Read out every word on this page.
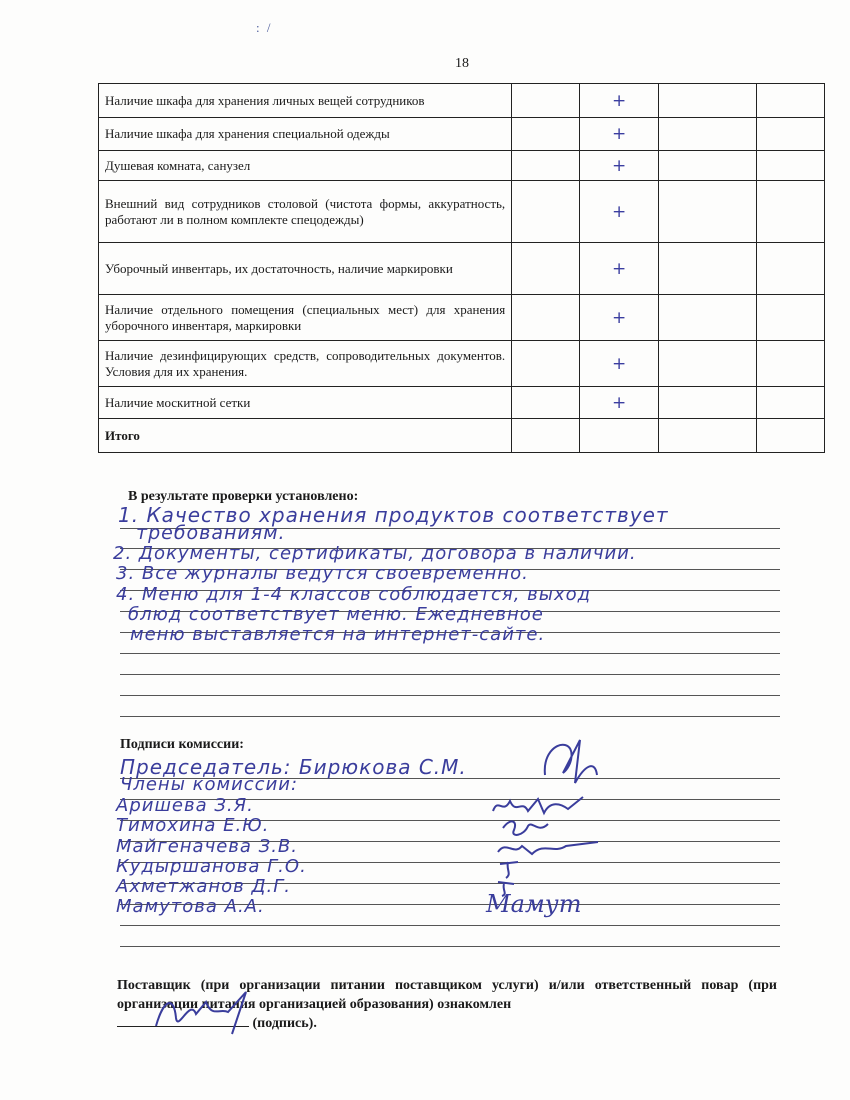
: /
18
Наличие шкафа для хранения личных вещей сотрудников		+		
Наличие шкафа для хранения специальной одежды		+		
Душевая комната, санузел		+		
Внешний вид сотрудников столовой (чистота формы, аккуратность, работают ли в полном комплекте спецодежды)		+		
Уборочный инвентарь, их достаточность, наличие маркировки		+		
Наличие отдельного помещения (специальных мест) для хранения уборочного инвентаря, маркировки		+		
Наличие дезинфицирующих средств, сопроводительных документов. Условия для их хранения.		+		
Наличие москитной сетки		+		
Итого				
В результате проверки установлено:
1. Качество хранения продуктов соответствует
требованиям.
2. Документы, сертификаты, договора в наличии.
3. Все журналы ведутся своевременно.
4. Меню для 1-4 классов соблюдается, выход
блюд соответствует меню. Ежедневное
меню выставляется на интернет-сайте.
Подписи комиссии:
Председатель: Бирюкова С.М.
Члены комиссии:
Аришева З.Я.
Тимохина Е.Ю.
Майгеначева З.В.
Кудыршанова Г.О.
Ахметжанов Д.Г.
Мамутова А.А.	Мамут
Поставщик (при организации питании поставщиком услуги) и/или ответственный повар (при организации питания организацией образования) ознакомлен
(подпись).
